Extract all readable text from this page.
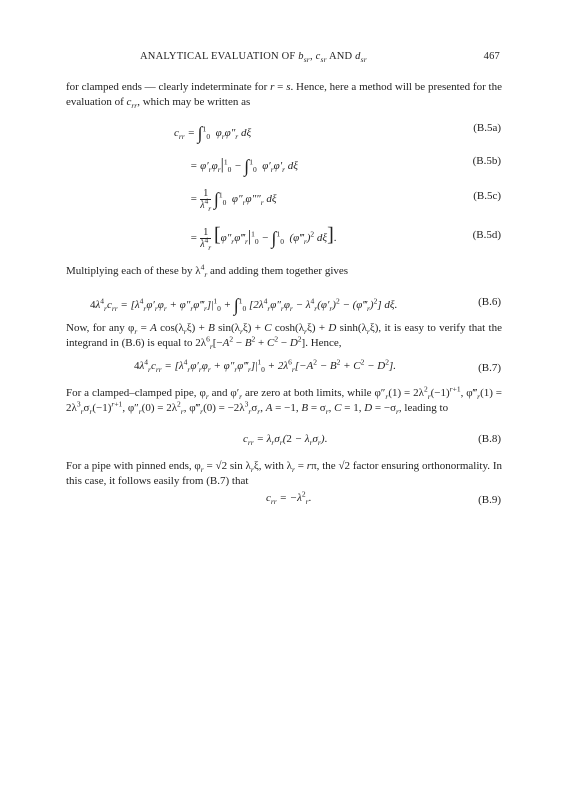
ANALYTICAL EVALUATION OF $b_{sr}$, $c_{sr}$ AND $d_{sr}$	467
for clamped ends — clearly indeterminate for r = s. Hence, here a method will be presented for the evaluation of $c_{rr}$, which may be written as
$c_{rr} = \int^1_0$  $\varphi_r\varphi''_r$ dξ	(B.5a)
= $\varphi'_r\varphi_r|^1_0 - \int^1_0$  $\varphi'_r\varphi'_r$ dξ	(B.5b)
= $\frac{1}{\lambda^4_r} \int^1_0$  $\varphi''_r\varphi''''_r$ dξ	(B.5c)
= $\frac{1}{\lambda^4_r}$ [$\varphi''_r\varphi‴_r|^1_0 - \int^1_0$  $(\varphi‴_r)^2$ dξ].	(B.5d)
Multiplying each of these by $\lambda^4_r$ and adding them together gives
$4\lambda^4_rc_{rr} = [\lambda^4_r\varphi'_r\varphi_r$ + $\varphi''_r\varphi‴_r]|^1_0 + \int^1_0$ [$2\lambda^4_r\varphi''_r\varphi_r - \lambda^4_r(\varphi'_r)^2$ − $(\varphi‴_r)^2$] dξ.	(B.6)
Now, for any $\varphi_r = A$ $\cos(\lambda_r\xi) + B$ $\sin(\lambda_r\xi) + C$ $\cosh(\lambda_r\xi) + D$ $\sinh(\lambda_r\xi)$, it is easy to verify that the integrand in (B.6) is equal to $2\lambda^6_r[-A^2 - B^2 + C^2 - D^2]$. Hence,
$4\lambda^4_rc_{rr} = [\lambda^4_r\varphi'_r\varphi_r$ + $\varphi''_r\varphi‴_r]|^1_0 + 2\lambda^6_r[-A^2 - B^2 + C^2 - D^2]$.	(B.7)
For a clamped–clamped pipe, $\varphi_r$ and $\varphi'_r$ are zero at both limits, while $\varphi''_r(1) = 2\lambda^2_r(-1)^{r+1}$, $\varphi‴_r(1) = 2\lambda^3_r\sigma_r(-1)^{r+1}$, $\varphi''_r(0) = 2\lambda^2_r$, $\varphi‴_r(0) = -2\lambda^3_r\sigma_r$, A = −1, $B = \sigma_r$, C = 1, $D = -\sigma_r$, leading to
$c_{rr} = \lambda_r\sigma_r(2 - \lambda_r\sigma_r)$.	(B.8)
For a pipe with pinned ends, $\varphi_r = √2$ $\sin \lambda_r\xi$, with $\lambda_r = r\pi$, the √2 factor ensuring orthonormality. In this case, it follows easily from (B.7) that
$c_{rr} = -\lambda^2_r$.	(B.9)
